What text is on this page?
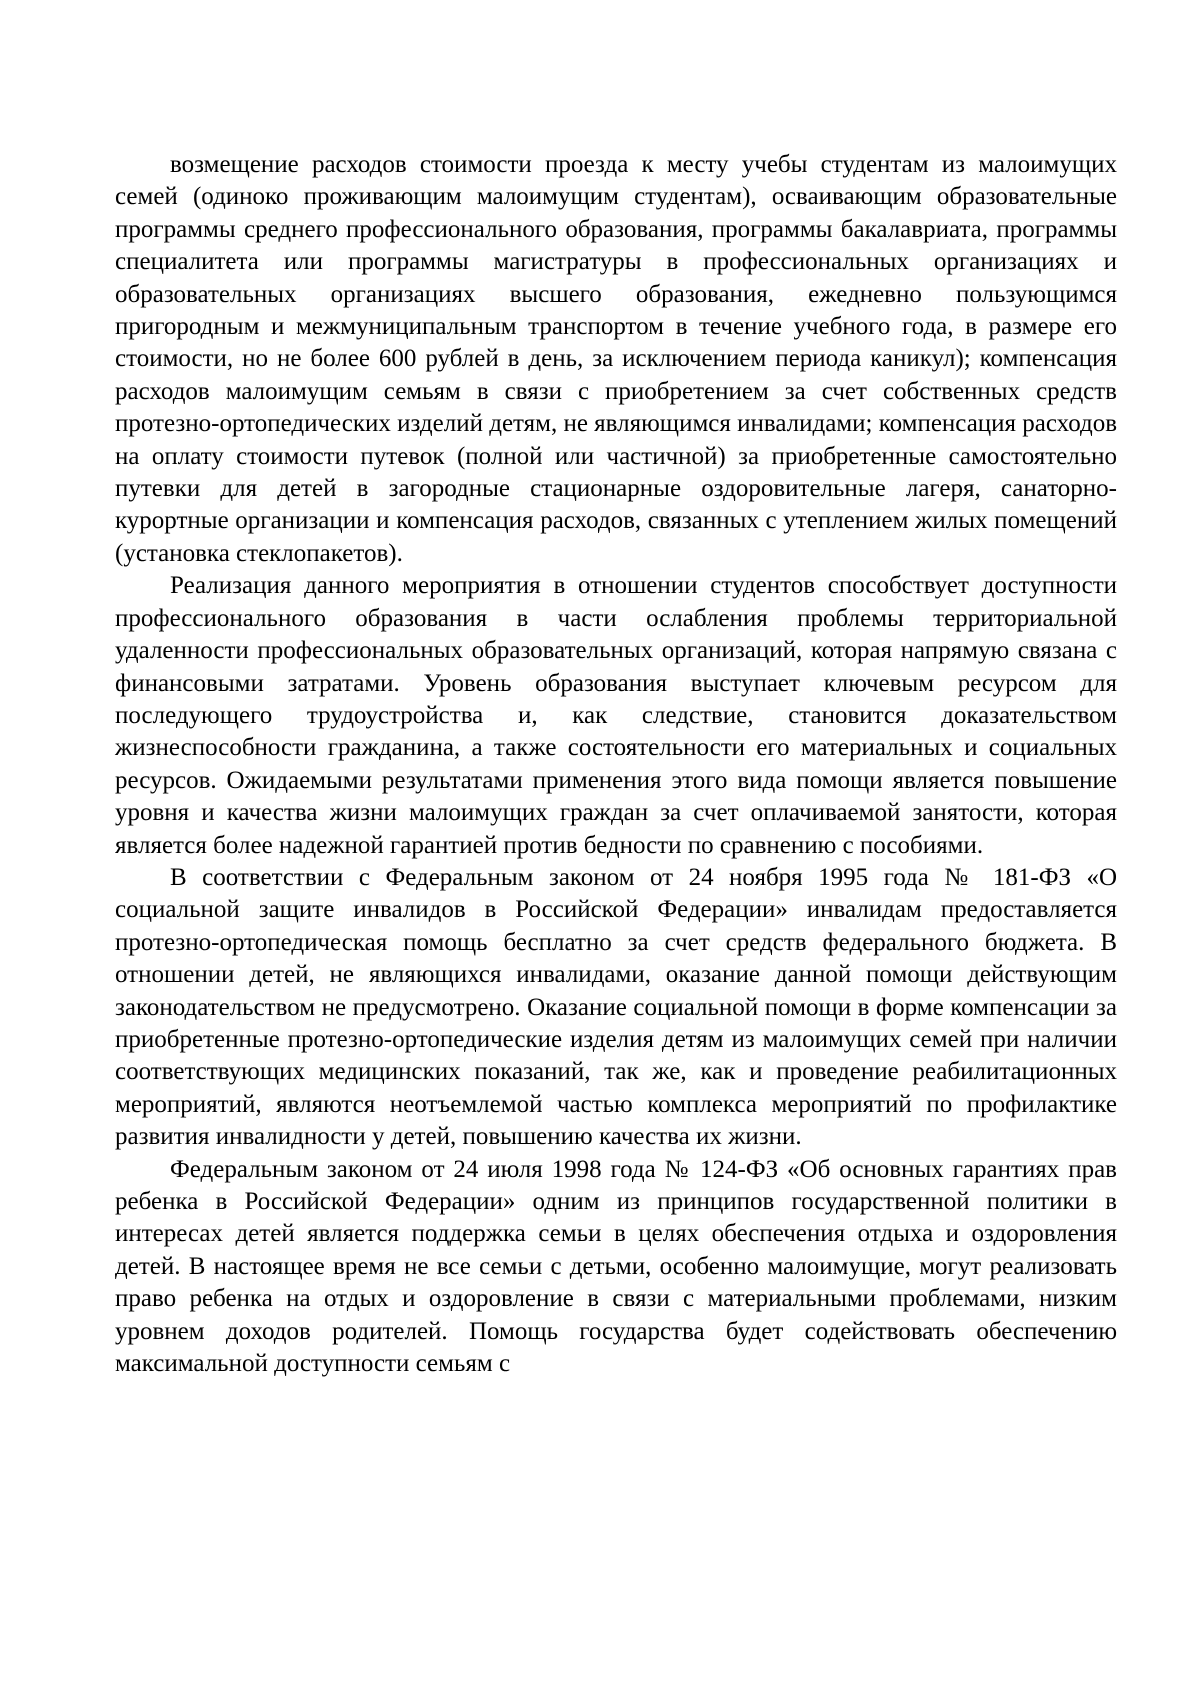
возмещение расходов стоимости проезда к месту учебы студентам из малоимущих семей (одиноко проживающим малоимущим студентам), осваивающим образовательные программы среднего профессионального образования, программы бакалавриата, программы специалитета или программы магистратуры в профессиональных организациях и образовательных организациях высшего образования, ежедневно пользующимся пригородным и межмуниципальным транспортом в течение учебного года, в размере его стоимости, но не более 600 рублей в день, за исключением периода каникул); компенсация расходов малоимущим семьям в связи с приобретением за счет собственных средств протезно-ортопедических изделий детям, не являющимся инвалидами; компенсация расходов на оплату стоимости путевок (полной или частичной) за приобретенные самостоятельно путевки для детей в загородные стационарные оздоровительные лагеря, санаторно-курортные организации и компенсация расходов, связанных с утеплением жилых помещений (установка стеклопакетов).

Реализация данного мероприятия в отношении студентов способствует доступности профессионального образования в части ослабления проблемы территориальной удаленности профессиональных образовательных организаций, которая напрямую связана с финансовыми затратами. Уровень образования выступает ключевым ресурсом для последующего трудоустройства и, как следствие, становится доказательством жизнеспособности гражданина, а также состоятельности его материальных и социальных ресурсов. Ожидаемыми результатами применения этого вида помощи является повышение уровня и качества жизни малоимущих граждан за счет оплачиваемой занятости, которая является более надежной гарантией против бедности по сравнению с пособиями.

В соответствии с Федеральным законом от 24 ноября 1995 года № 181-ФЗ «О социальной защите инвалидов в Российской Федерации» инвалидам предоставляется протезно-ортопедическая помощь бесплатно за счет средств федерального бюджета. В отношении детей, не являющихся инвалидами, оказание данной помощи действующим законодательством не предусмотрено. Оказание социальной помощи в форме компенсации за приобретенные протезно-ортопедические изделия детям из малоимущих семей при наличии соответствующих медицинских показаний, так же, как и проведение реабилитационных мероприятий, являются неотъемлемой частью комплекса мероприятий по профилактике развития инвалидности у детей, повышению качества их жизни.

Федеральным законом от 24 июля 1998 года № 124-ФЗ «Об основных гарантиях прав ребенка в Российской Федерации» одним из принципов государственной политики в интересах детей является поддержка семьи в целях обеспечения отдыха и оздоровления детей. В настоящее время не все семьи с детьми, особенно малоимущие, могут реализовать право ребенка на отдых и оздоровление в связи с материальными проблемами, низким уровнем доходов родителей. Помощь государства будет содействовать обеспечению максимальной доступности семьям с
